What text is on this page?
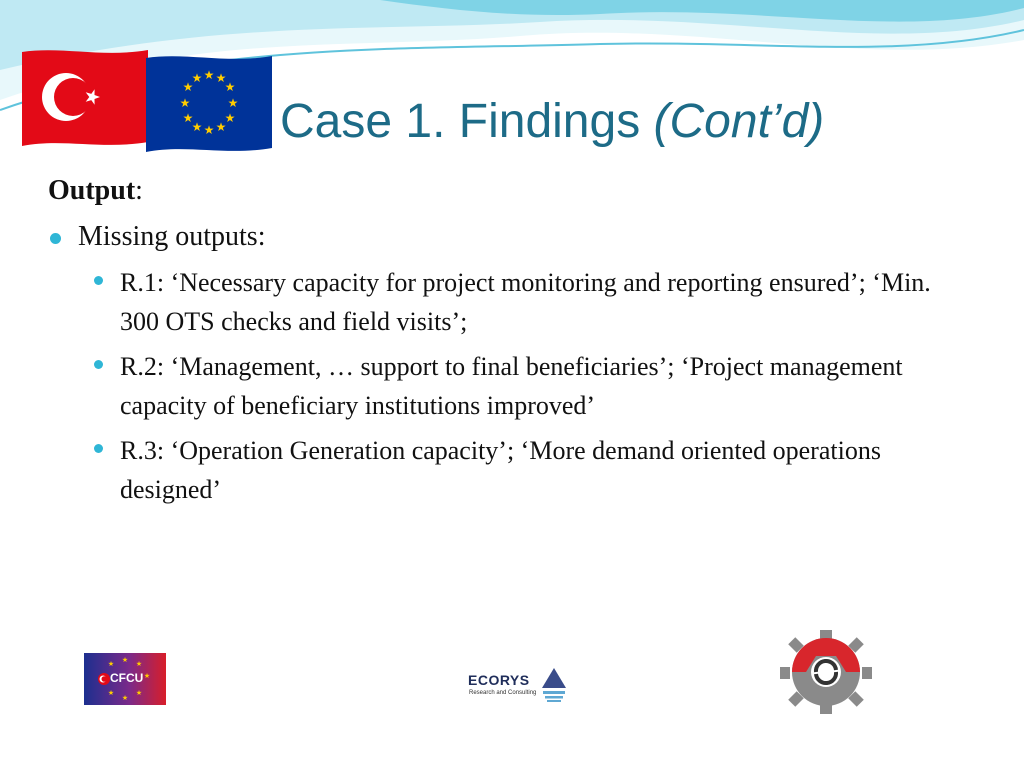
★ ★
★
★
★
★
★
★
★
★
★
★
Case 1. Findings (Cont’d)

Output:

Missing outputs:
R.1: ‘Necessary capacity for project monitoring and reporting ensured’; ‘Min. 300 OTS checks and field visits’;
R.2: ‘Management, … support to final beneficiaries’; ‘Project management capacity of beneficiary institutions improved’
R.3: ‘Operation Generation capacity’; ‘More demand oriented operations designed’
★ ★
★
★
★
★
★
CFCU	ECORYS
Research and Consulting
